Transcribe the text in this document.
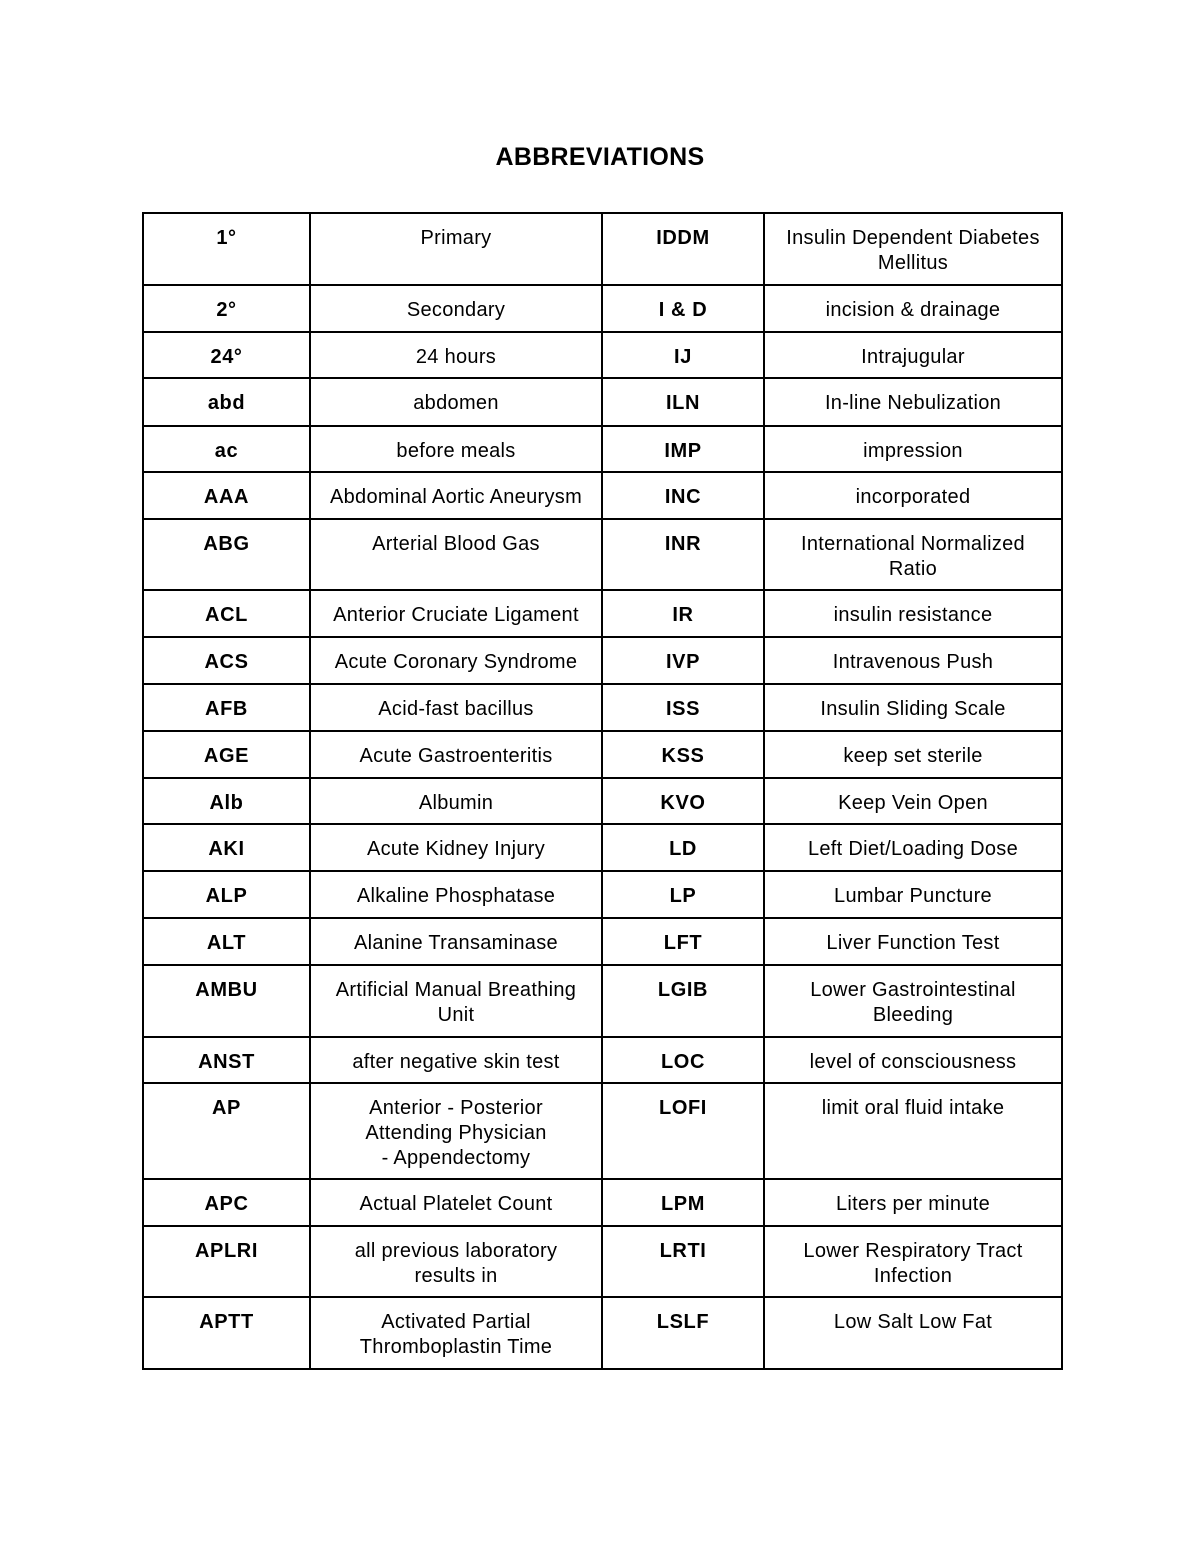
ABBREVIATIONS
1°	Primary	IDDM	Insulin Dependent Diabetes
Mellitus

2°	Secondary	I & D	incision & drainage

24°	24 hours	IJ	Intrajugular

abd	abdomen	ILN	In-line Nebulization

ac	before meals	IMP	impression

AAA	Abdominal Aortic Aneurysm	INC	incorporated

ABG	Arterial Blood Gas	INR	International Normalized
Ratio

ACL	Anterior Cruciate Ligament	IR	insulin resistance

ACS	Acute Coronary Syndrome	IVP	Intravenous Push

AFB	Acid-fast bacillus	ISS	Insulin Sliding Scale

AGE	Acute Gastroenteritis	KSS	keep set sterile

Alb	Albumin	KVO	Keep Vein Open

AKI	Acute Kidney Injury	LD	Left Diet/Loading Dose

ALP	Alkaline Phosphatase	LP	Lumbar Puncture

ALT	Alanine Transaminase	LFT	Liver Function Test

AMBU	Artificial Manual Breathing
Unit	LGIB	Lower Gastrointestinal
Bleeding

ANST	after negative skin test	LOC	level of consciousness

AP	Anterior - Posterior
Attending Physician
- Appendectomy	LOFI	limit oral fluid intake

APC	Actual Platelet Count	LPM	Liters per minute

APLRI	all previous laboratory
results in	LRTI	Lower Respiratory Tract
Infection

APTT	Activated Partial
Thromboplastin Time	LSLF	Low Salt Low Fat
